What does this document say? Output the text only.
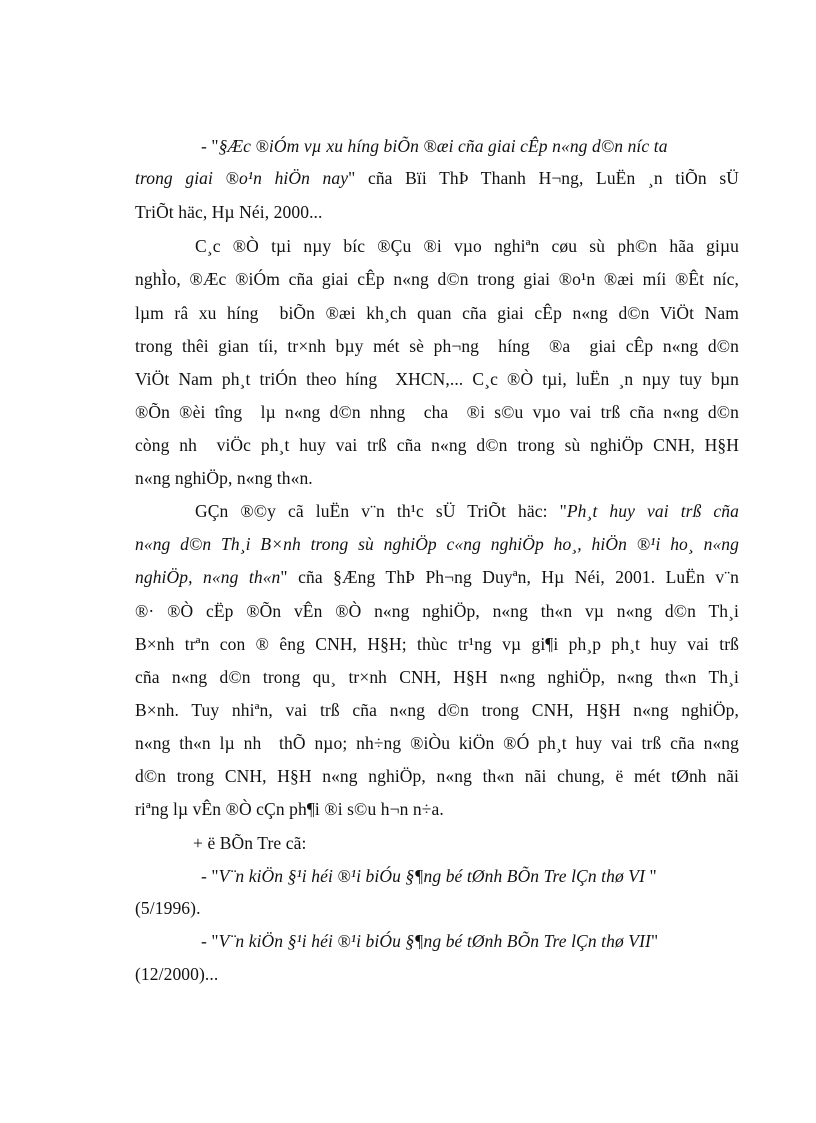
- "§Æc ®iÓm vµ xu híng biÕn ®æi cña giai cÊp n«ng d©n níc ta

trong giai ®o¹n hiÖn nay" cña Bïi ThÞ Thanh H¬ng, LuËn ¸n tiÕn sÜ

TriÕt häc, Hµ Néi, 2000...

C¸c ®Ò tµi nµy bíc ®Çu ®i vµo nghiªn cøu sù ph©n hãa giµu

nghÌo, ®Æc ®iÓm cña giai cÊp n«ng d©n trong giai ®o¹n ®æi míi ®Êt níc,

lµm râ xu híng  biÕn ®æi kh¸ch quan cña giai cÊp n«ng d©n ViÖt Nam

trong thêi gian tíi, tr×nh bµy mét sè ph¬ng  híng  ®a  giai cÊp n«ng d©n

ViÖt Nam ph¸t triÓn theo híng  XHCN,... C¸c ®Ò tµi, luËn ¸n nµy tuy bµn

®Õn ®èi tîng  lµ n«ng d©n nhng  cha  ®i s©u vµo vai trß cña n«ng d©n

còng nh  viÖc ph¸t huy vai trß cña n«ng d©n trong sù nghiÖp CNH, H§H

n«ng nghiÖp, n«ng th«n.

GÇn ®©y cã luËn v¨n th¹c sÜ TriÕt häc: "Ph¸t huy vai trß cña

n«ng d©n Th¸i B×nh trong sù nghiÖp c«ng nghiÖp ho¸, hiÖn ®¹i ho¸ n«ng

nghiÖp, n«ng th«n" cña §Æng ThÞ Ph¬ng Duyªn, Hµ Néi, 2001. LuËn v¨n

®· ®Ò cËp ®Õn vÊn ®Ò n«ng nghiÖp, n«ng th«n vµ n«ng d©n Th¸i

B×nh trªn con ® êng CNH, H§H; thùc tr¹ng vµ gi¶i ph¸p ph¸t huy vai trß

cña n«ng d©n trong qu¸ tr×nh CNH, H§H n«ng nghiÖp, n«ng th«n Th¸i

B×nh. Tuy nhiªn, vai trß cña n«ng d©n trong CNH, H§H n«ng nghiÖp,

n«ng th«n lµ nh  thÕ nµo; nh÷ng ®iÒu kiÖn ®Ó ph¸t huy vai trß cña n«ng

d©n trong CNH, H§H n«ng nghiÖp, n«ng th«n nãi chung, ë mét tØnh nãi

riªng lµ vÊn ®Ò cÇn ph¶i ®i s©u h¬n n÷a.

+ ë BÕn Tre cã:

- "V¨n kiÖn §¹i héi ®¹i biÓu §¶ng bé tØnh BÕn Tre lÇn thø VI "

(5/1996).

- "V¨n kiÖn §¹i héi ®¹i biÓu §¶ng bé tØnh BÕn Tre lÇn thø VII"

(12/2000)...
